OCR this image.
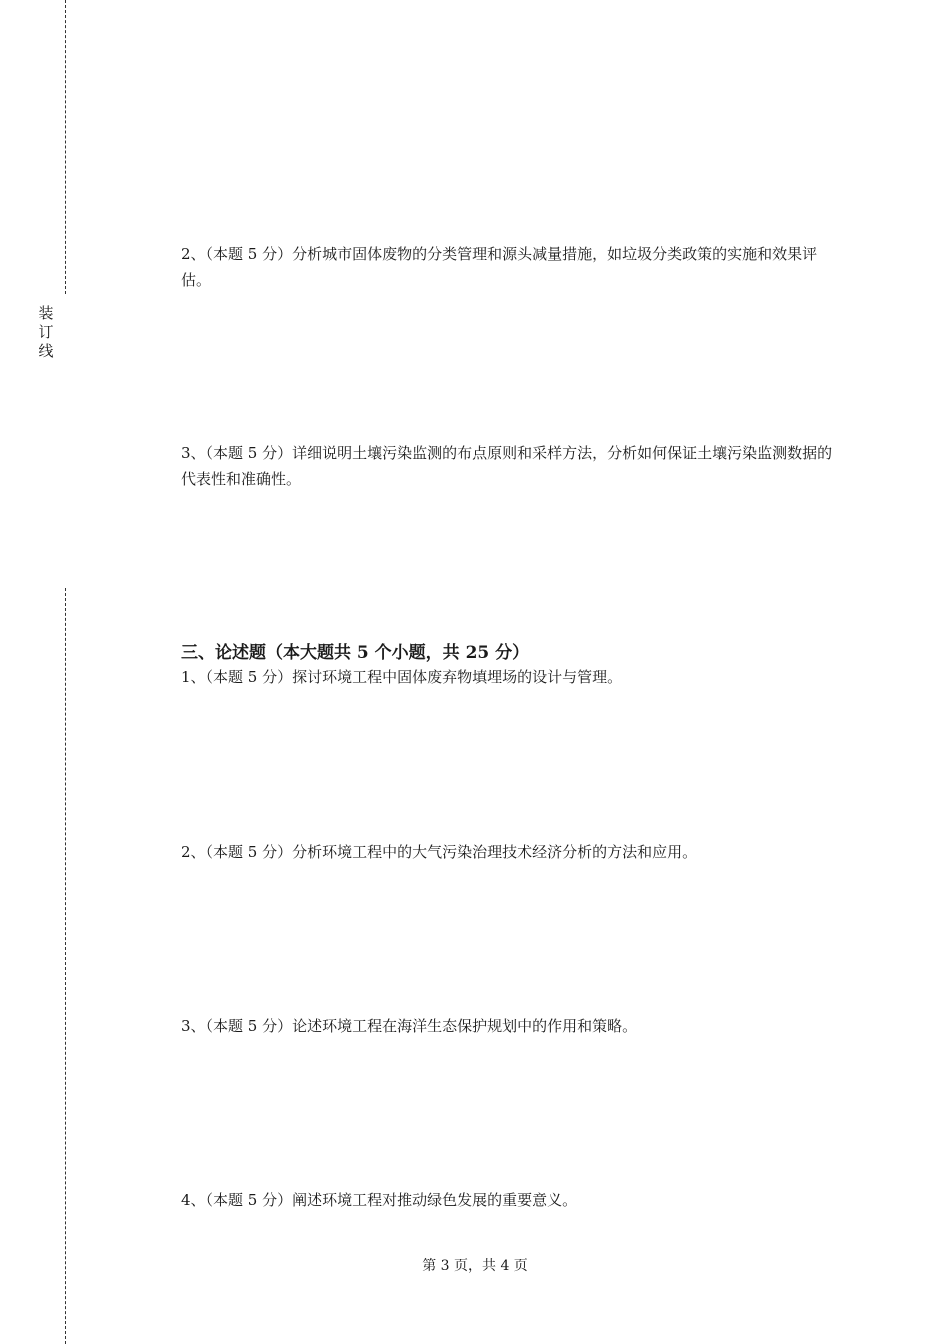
装订线

2、（本题 5 分）分析城市固体废物的分类管理和源头减量措施，如垃圾分类政策的实施和效果评估。

3、（本题 5 分）详细说明土壤污染监测的布点原则和采样方法，分析如何保证土壤污染监测数据的代表性和准确性。

三、论述题（本大题共 5 个小题，共 25 分）

1、（本题 5 分）探讨环境工程中固体废弃物填埋场的设计与管理。

2、（本题 5 分）分析环境工程中的大气污染治理技术经济分析的方法和应用。

3、（本题 5 分）论述环境工程在海洋生态保护规划中的作用和策略。

4、（本题 5 分）阐述环境工程对推动绿色发展的重要意义。

第 3 页，共 4 页
